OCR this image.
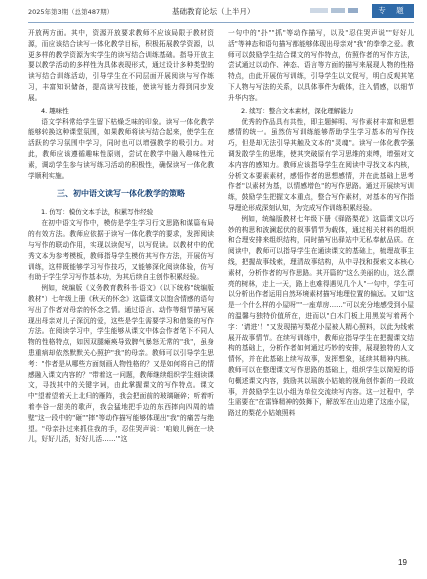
2025年第3期（总第487期）	基础教育论坛（上半月）	专 题

开放两方面。其中，资源开放要求教师不应该局限于教材资源，而应该结合读写一体化教学目标，积极拓展教学资源，以更多样的教学资源为实学生的读写结合训练基础。指导开放主要以教学活动的多样性为具体表现形式，通过设计多种类型的读写结合训练活动，引导学生在不同层面开展阅读与写作练习，丰富知识储备，提高读写技能，使读写能力得到同步发展。

4. 趣味性

语文学科常给学生留下枯燥乏味的印象。读写一体化教学能够转换这种课堂氛围，如果教师将读写结合起来，使学生在活跃的学习氛围中学习，同时也可以增强教学的吸引力。对此，教师应该遵循趣味性原则，尝试在教学中融入趣味性元素，调动学生参与读写练习活动的积极性，确保读写一体化教学顺利实施。

三、初中语文读写一体化教学的策略
1. 仿写：模仿文本手法，积累写作经验

在初中语文写作中，模仿是学生学习行文思路和谋篇布局的有效方法。教师应依据于读写一体化教学的要求，发挥阅读与写作的联动作用，实现以读促写，以写促读。以教材中的优秀文本为参考模板，教师指导学生模仿其写作方法，开展仿写训练，这样既能够学习写作技巧，又能够深化阅读体验，仿写有助于学生学习写作基本功，为其后续自主创作积累经验。

例如，统编版《义务教育教科书·语文》（以下统称"统编版教材"）七年级上册《秋天的怀念》这篇课文以饱含情感的语句写出了作者对母亲的怀念之情。通过语言、动作等细节描写展现出母亲对儿子深沉的爱，这些是学生需要学习和借鉴的写作方法。在阅读学习中，学生能够从课文中体会作者笔下不同人物的性格特点，如因双腿瘫痪导致脾气暴怒无常的"我"，虽身患重病却依然默默关心照护"我"的母亲。教师可以引导学生思考："作者是从哪些方面刻画人物性格的？又是如何将自己的情感融入课文内容的？"带着这一问题，教师继续组织学生细读课文，寻找其中的关键字词，由此掌握课文的写作特点。课文中"望着望着天上北归的雁阵，我会把面前的玻璃砸碎；听着听着李谷一甜美的歌声，我会猛地把手边的东西摔向四周的墙壁"这一段中的"砸""摔"等动作描写能够体现出"我"的痛苦与绝望。"母亲扑过来抓住我的手，忍住哭声说：'咱娘儿俩在一块儿，好好儿活，好好儿活……'"这

一句中的"扑""抓"等动作描写，以及"忍住哭声说""好好儿活"等神态和语句描写都能够体现出母亲对"我"的拳拳之爱。教师可以鼓励学生结合课文的写作特点，仿照作者的写作方法，尝试通过以动作、神态、语言等方面的描写来展现人物的性格特点，由此开展仿写训练，引导学生以文促写，明白反观其笔下人物与写法的关系，以具体事件为载体，注入情感，以细节升华内容。

2. 续写：整合文本素材，深化理解能力

优秀的作品具有共性，即主题鲜明、写作素材丰富和思想感情的统一。虽然仿写训练能够帮助学生学习基本的写作技巧，但是却无法引导其触及文本的"灵魂"。读写一体化教学强调发散学生的思维，使其突破原有学习思维的束缚，增强对文本内容的感知力。教师应该指导学生在阅读中寻找文本内核，分析文本要素素材，感悟作者的思想感情，并在此基础上思考作者"以素材为基，以情感增色"的写作思路。通过开展续写训练，鼓励学生把握文本重点，整合写作素材，对基本的写作指导理论形成深刻认知，为完成写作训练积累经验。

例如，统编版教材七年级下册《驿路梨花》这篇课文以巧妙的构思和波澜起伏的叙事情节为载体，通过相关材料的组织和合理安排来组织结构，同时描写出驿站中无私奉献品质。在阅读中，教师可以指导学生在通读课文的基础上，梳理故事主线，把握故事线索，理清故事结构，从中寻找和探索文本核心素材，分析作者的写作思路。其开篇的"这么美丽的山，这么漂亮的树林，走上一天，路上也难得遇见几个人"一句中，学生可以分析出作者运用自然环境素材描写地理位置的偏远。又如"这是一个什么样的小屋呀""一座草房……"可以充分地感受到小屋的温馨与独特价值所在，进而以"白木门板上用黑炭写着两个字：'请进'！"又发现描写梨花小屋被人精心照料，以此为线索展开故事情节。在续写训练中，教师应指导学生在把握课文结构的基础上，分析作者如何通过巧妙的安排，展现独特的人文情怀，并在此基础上续写故事，发挥想象，延续其精神内核。教师可以在整理课文写作思路的基础上，组织学生以简短的语句概述课文内容，鼓励其以瑶族小姑娘的视角创作新的一段故事，并鼓励学生以小组为单位交流续写内容。这一过程中，学生需要在"在雷锋精神的鼓舞下，解放军在山边建了这座小屋，路过的梨花小姑娘照料

19
